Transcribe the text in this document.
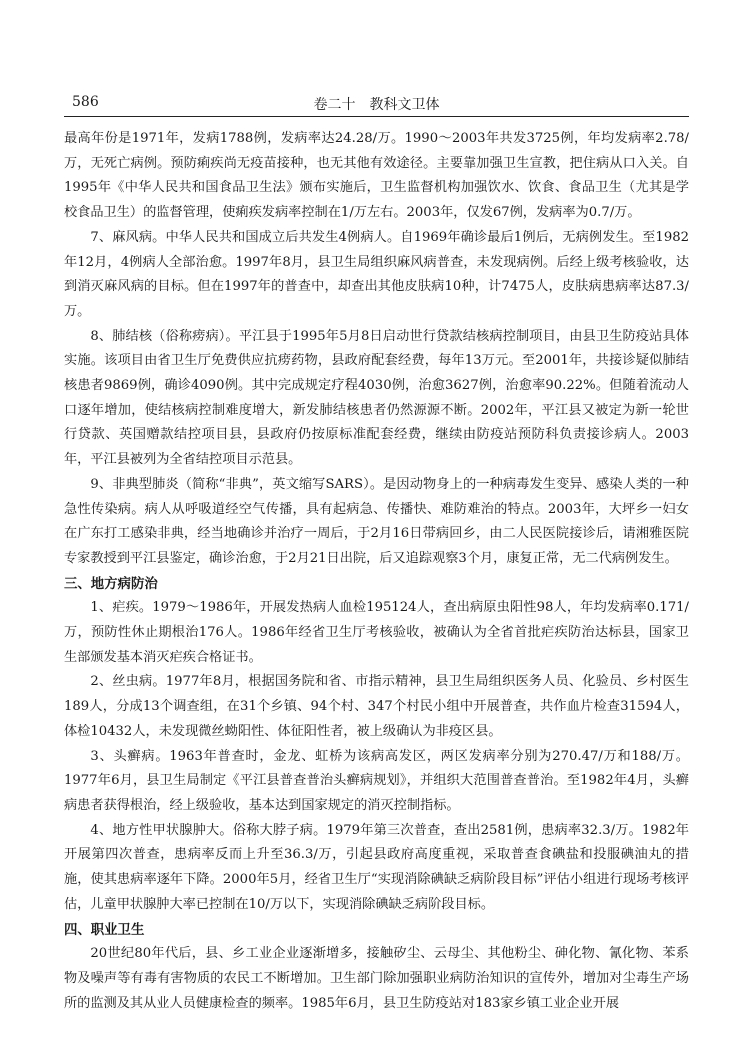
586	卷二十　教科文卫体

最高年份是1971年，发病1788例，发病率达24.28/万。1990～2003年共发3725例，年均发病率2.78/万，无死亡病例。预防痢疾尚无疫苗接种，也无其他有效途径。主要靠加强卫生宣教，把住病从口入关。自1995年《中华人民共和国食品卫生法》颁布实施后，卫生监督机构加强饮水、饮食、食品卫生（尤其是学校食品卫生）的监督管理，使痢疾发病率控制在1/万左右。2003年，仅发67例，发病率为0.7/万。

7、麻风病。中华人民共和国成立后共发生4例病人。自1969年确诊最后1例后，无病例发生。至1982年12月，4例病人全部治愈。1997年8月，县卫生局组织麻风病普查，未发现病例。后经上级考核验收，达到消灭麻风病的目标。但在1997年的普查中，却查出其他皮肤病10种，计7475人，皮肤病患病率达87.3/万。

8、肺结核（俗称痨病）。平江县于1995年5月8日启动世行贷款结核病控制项目，由县卫生防疫站具体实施。该项目由省卫生厅免费供应抗痨药物，县政府配套经费，每年13万元。至2001年，共接诊疑似肺结核患者9869例，确诊4090例。其中完成规定疗程4030例，治愈3627例，治愈率90.22%。但随着流动人口逐年增加，使结核病控制难度增大，新发肺结核患者仍然源源不断。2002年，平江县又被定为新一轮世行贷款、英国赠款结控项目县，县政府仍按原标准配套经费，继续由防疫站预防科负责接诊病人。2003年，平江县被列为全省结控项目示范县。

9、非典型肺炎（简称“非典”，英文缩写SARS）。是因动物身上的一种病毒发生变异、感染人类的一种急性传染病。病人从呼吸道经空气传播，具有起病急、传播快、难防难治的特点。2003年，大坪乡一妇女在广东打工感染非典，经当地确诊并治疗一周后，于2月16日带病回乡，由二人民医院接诊后，请湘雅医院专家教授到平江县鉴定，确诊治愈，于2月21日出院，后又追踪观察3个月，康复正常，无二代病例发生。

三、地方病防治

1、疟疾。1979～1986年，开展发热病人血检195124人，查出病原虫阳性98人，年均发病率0.171/万，预防性休止期根治176人。1986年经省卫生厅考核验收，被确认为全省首批疟疾防治达标县，国家卫生部颁发基本消灭疟疾合格证书。

2、丝虫病。1977年8月，根据国务院和省、市指示精神，县卫生局组织医务人员、化验员、乡村医生189人，分成13个调查组，在31个乡镇、94个村、347个村民小组中开展普查，共作血片检查31594人，体检10432人，未发现微丝蚴阳性、体征阳性者，被上级确认为非疫区县。

3、头癣病。1963年普查时，金龙、虹桥为该病高发区，两区发病率分别为270.47/万和188/万。1977年6月，县卫生局制定《平江县普查普治头癣病规划》，并组织大范围普查普治。至1982年4月，头癣病患者获得根治，经上级验收，基本达到国家规定的消灭控制指标。

4、地方性甲状腺肿大。俗称大脖子病。1979年第三次普查，查出2581例，患病率32.3/万。1982年开展第四次普查，患病率反而上升至36.3/万，引起县政府高度重视，采取普查食碘盐和投服碘油丸的措施，使其患病率逐年下降。2000年5月，经省卫生厅“实现消除碘缺乏病阶段目标”评估小组进行现场考核评估，儿童甲状腺肿大率已控制在10/万以下，实现消除碘缺乏病阶段目标。

四、职业卫生

20世纪80年代后，县、乡工业企业逐渐增多，接触矽尘、云母尘、其他粉尘、砷化物、氰化物、苯系物及噪声等有毒有害物质的农民工不断增加。卫生部门除加强职业病防治知识的宣传外，增加对尘毒生产场所的监测及其从业人员健康检查的频率。1985年6月，县卫生防疫站对183家乡镇工业企业开展
